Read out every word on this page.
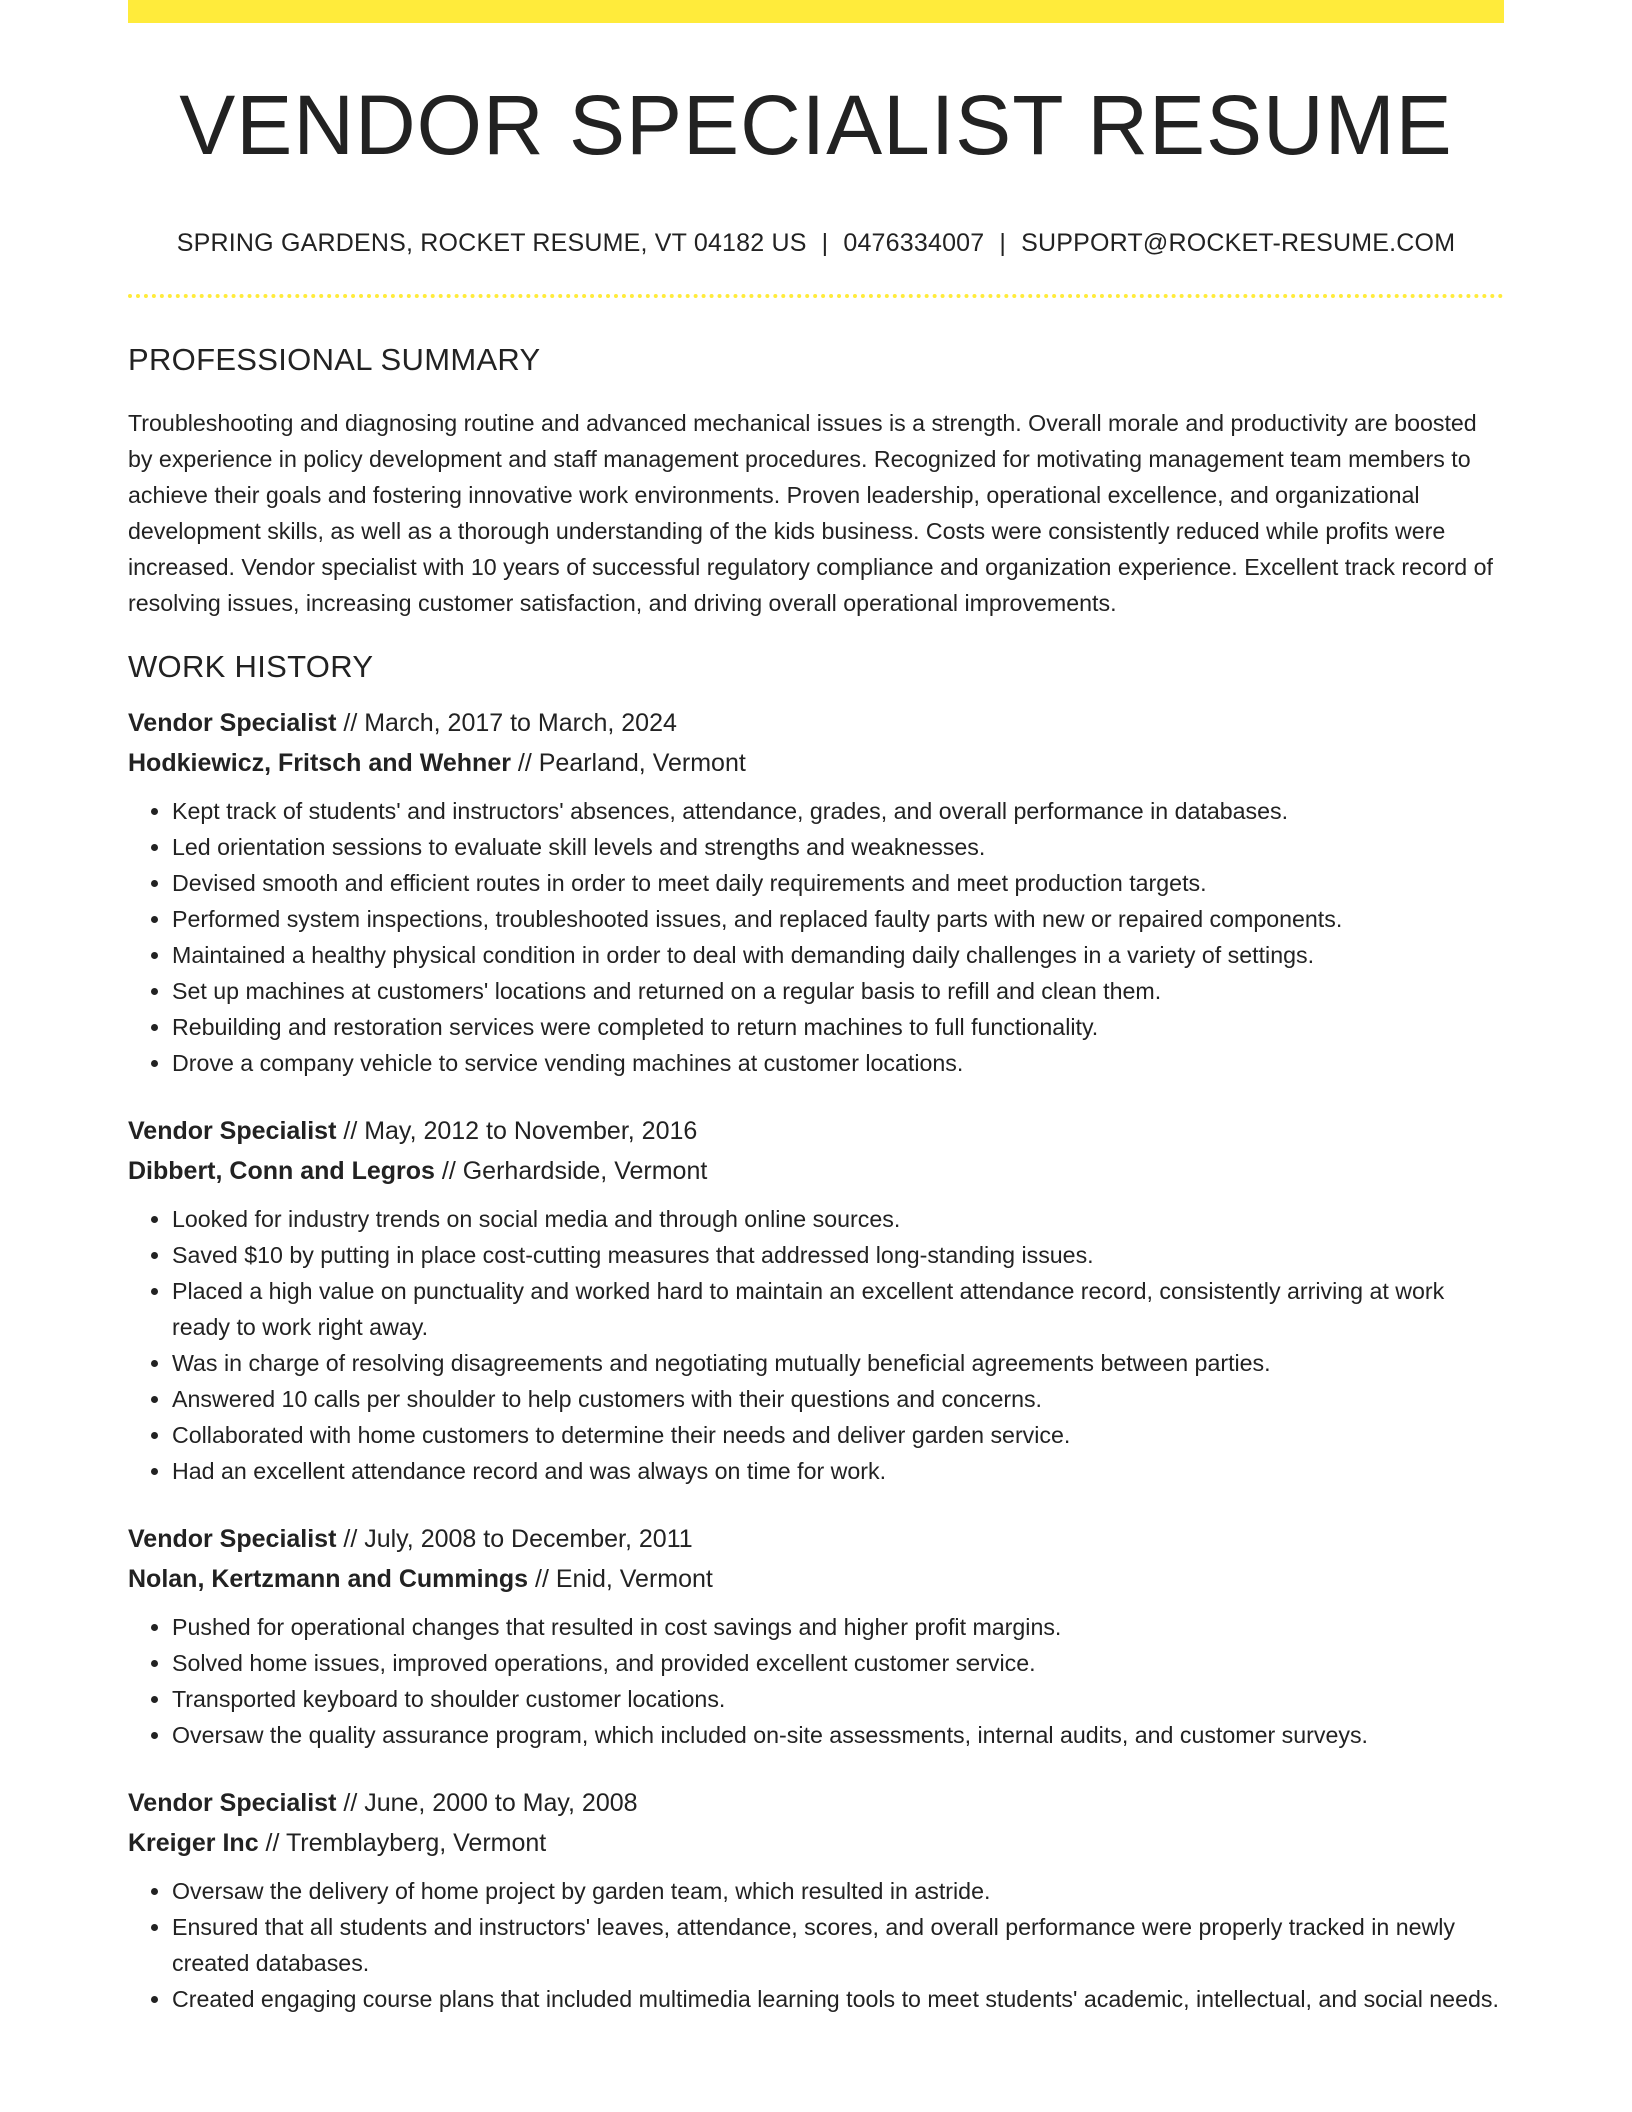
VENDOR SPECIALIST RESUME
SPRING GARDENS, ROCKET RESUME, VT 04182 US | 0476334007 | SUPPORT@ROCKET-RESUME.COM
PROFESSIONAL SUMMARY

Troubleshooting and diagnosing routine and advanced mechanical issues is a strength. Overall morale and productivity are boosted by experience in policy development and staff management procedures. Recognized for motivating management team members to achieve their goals and fostering innovative work environments. Proven leadership, operational excellence, and organizational development skills, as well as a thorough understanding of the kids business. Costs were consistently reduced while profits were increased. Vendor specialist with 10 years of successful regulatory compliance and organization experience. Excellent track record of resolving issues, increasing customer satisfaction, and driving overall operational improvements.

WORK HISTORY
Vendor Specialist // March, 2017 to March, 2024
Hodkiewicz, Fritsch and Wehner // Pearland, Vermont
• Kept track of students' and instructors' absences, attendance, grades, and overall performance in databases.
• Led orientation sessions to evaluate skill levels and strengths and weaknesses.
• Devised smooth and efficient routes in order to meet daily requirements and meet production targets.
• Performed system inspections, troubleshooted issues, and replaced faulty parts with new or repaired components.
• Maintained a healthy physical condition in order to deal with demanding daily challenges in a variety of settings.
• Set up machines at customers' locations and returned on a regular basis to refill and clean them.
• Rebuilding and restoration services were completed to return machines to full functionality.
• Drove a company vehicle to service vending machines at customer locations.
Vendor Specialist // May, 2012 to November, 2016
Dibbert, Conn and Legros // Gerhardside, Vermont
• Looked for industry trends on social media and through online sources.
• Saved $10 by putting in place cost-cutting measures that addressed long-standing issues.
• Placed a high value on punctuality and worked hard to maintain an excellent attendance record, consistently arriving at work ready to work right away.
• Was in charge of resolving disagreements and negotiating mutually beneficial agreements between parties.
• Answered 10 calls per shoulder to help customers with their questions and concerns.
• Collaborated with home customers to determine their needs and deliver garden service.
• Had an excellent attendance record and was always on time for work.
Vendor Specialist // July, 2008 to December, 2011
Nolan, Kertzmann and Cummings // Enid, Vermont
• Pushed for operational changes that resulted in cost savings and higher profit margins.
• Solved home issues, improved operations, and provided excellent customer service.
• Transported keyboard to shoulder customer locations.
• Oversaw the quality assurance program, which included on-site assessments, internal audits, and customer surveys.
Vendor Specialist // June, 2000 to May, 2008
Kreiger Inc // Tremblayberg, Vermont
• Oversaw the delivery of home project by garden team, which resulted in astride.
• Ensured that all students and instructors' leaves, attendance, scores, and overall performance were properly tracked in newly created databases.
• Created engaging course plans that included multimedia learning tools to meet students' academic, intellectual, and social needs.
